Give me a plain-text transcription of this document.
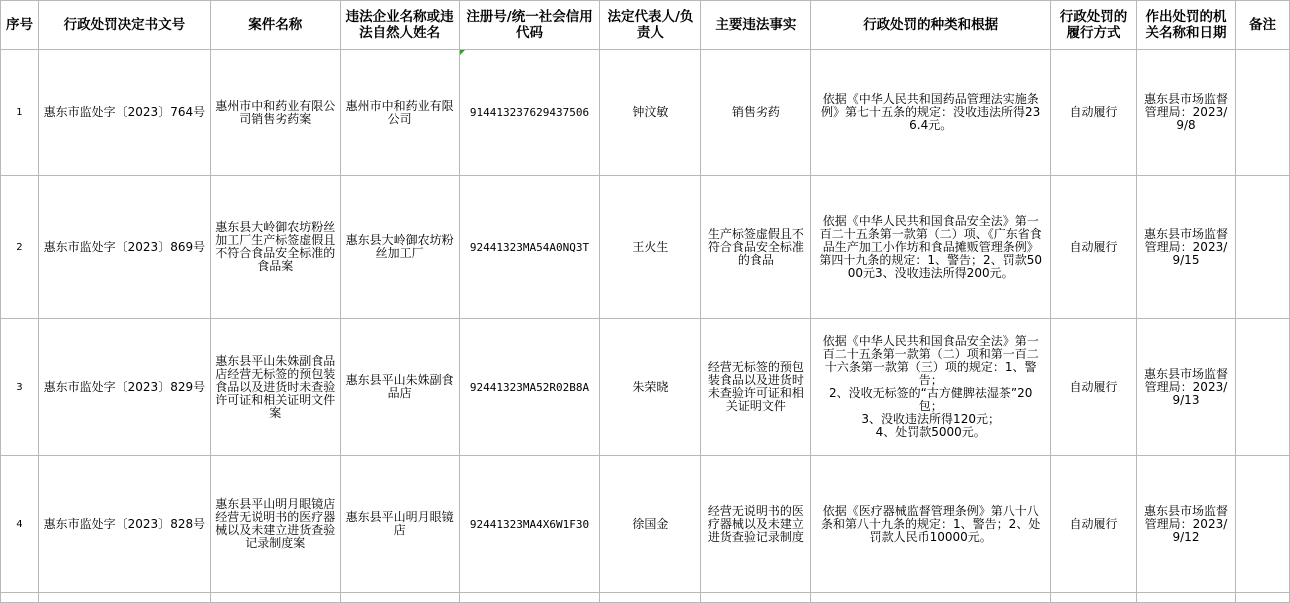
序号	行政处罚决定书文号	案件名称	违法企业名称或违法自然人姓名	注册号/统一社会信用代码	法定代表人/负责人	主要违法事实	行政处罚的种类和根据	行政处罚的履行方式	作出处罚的机关名称和日期	备注
1	惠东市监处字〔2023〕764号	惠州市中和药业有限公司销售劣药案	惠州市中和药业有限公司	914413237629437506	钟汶敏	销售劣药	依据《中华人民共和国药品管理法实施条例》第七十五条的规定：没收违法所得236.4元。	自动履行	惠东县市场监督管理局：2023/9/8	
2	惠东市监处字〔2023〕869号	惠东县大岭御农坊粉丝加工厂生产标签虚假且不符合食品安全标准的食品案	惠东县大岭御农坊粉丝加工厂	92441323MA54A0NQ3T	王火生	生产标签虚假且不符合食品安全标准的食品	依据《中华人民共和国食品安全法》第一百二十五条第一款第（二）项、《广东省食品生产加工小作坊和食品摊贩管理条例》第四十九条的规定：1、警告；2、罚款5000元3、没收违法所得200元。	自动履行	惠东县市场监督管理局：2023/9/15	
3	惠东市监处字〔2023〕829号	惠东县平山朱姝副食品店经营无标签的预包装食品以及进货时未查验许可证和相关证明文件案	惠东县平山朱姝副食品店	92441323MA52R02B8A	朱荣晓	经营无标签的预包装食品以及进货时未查验许可证和相关证明文件	依据《中华人民共和国食品安全法》第一百二十五条第一款第（二）项和第一百二十六条第一款第（三）项的规定：1、警告；
2、没收无标签的“古方健脾祛湿茶”20包；
3、没收违法所得120元；
4、处罚款5000元。	自动履行	惠东县市场监督管理局：2023/9/13	
4	惠东市监处字〔2023〕828号	惠东县平山明月眼镜店经营无说明书的医疗器械以及未建立进货查验记录制度案	惠东县平山明月眼镜店	92441323MA4X6W1F30	徐国金	经营无说明书的医疗器械以及未建立进货查验记录制度	依据《医疗器械监督管理条例》第八十八条和第八十九条的规定：1、警告；2、处罚款人民币10000元。	自动履行	惠东县市场监督管理局：2023/9/12	
